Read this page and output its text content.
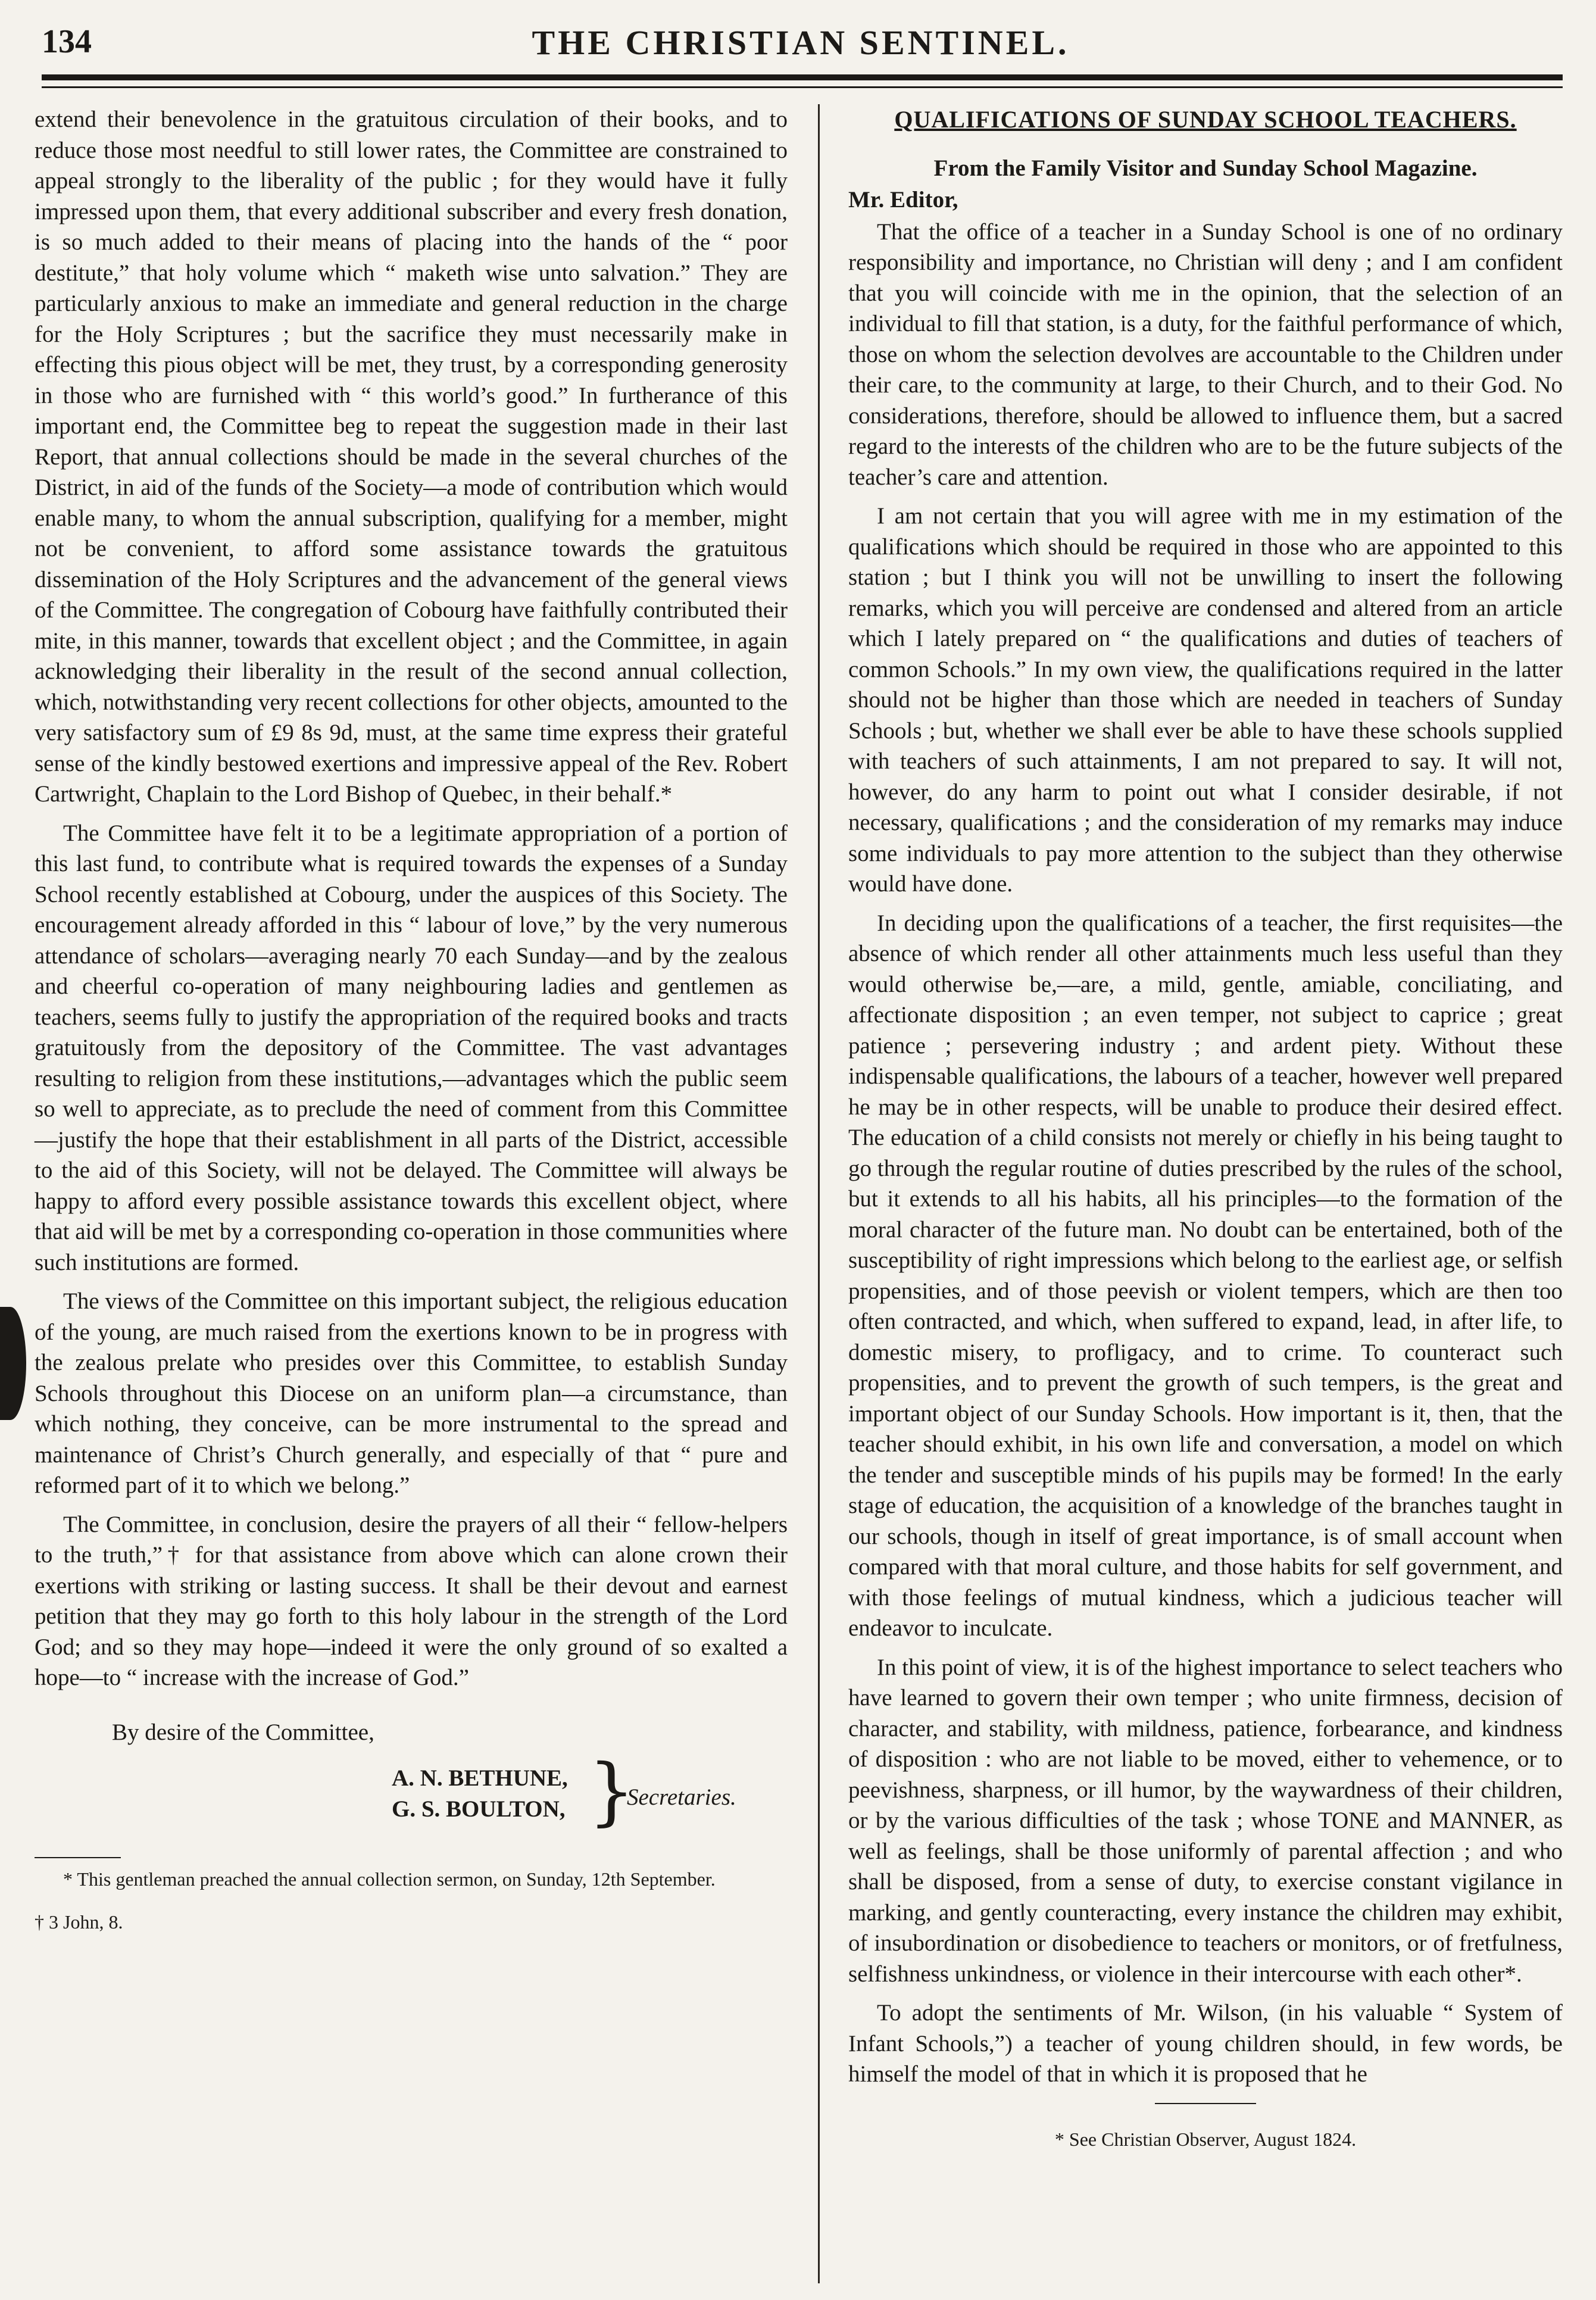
134	THE CHRISTIAN SENTINEL.

extend their benevolence in the gratuitous circulation of their books, and to reduce those most needful to still lower rates, the Committee are constrained to appeal strongly to the liberality of the public ; for they would have it fully impressed upon them, that every additional subscriber and every fresh donation, is so much added to their means of placing into the hands of the “ poor destitute,” that holy volume which “ maketh wise unto salvation.” They are particularly anxious to make an immediate and general reduction in the charge for the Holy Scriptures ; but the sacrifice they must necessarily make in effecting this pious object will be met, they trust, by a corresponding generosity in those who are furnished with “ this world’s good.” In furtherance of this important end, the Committee beg to repeat the suggestion made in their last Report, that annual collections should be made in the several churches of the District, in aid of the funds of the Society—a mode of contribution which would enable many, to whom the annual subscription, qualifying for a member, might not be convenient, to afford some assistance towards the gratuitous dissemination of the Holy Scriptures and the advancement of the general views of the Committee. The congregation of Cobourg have faithfully contributed their mite, in this manner, towards that excellent object ; and the Committee, in again acknowledging their liberality in the result of the second annual collection, which, notwithstanding very recent collections for other objects, amounted to the very satisfactory sum of £9 8s 9d, must, at the same time express their grateful sense of the kindly bestowed exertions and impressive appeal of the Rev. Robert Cartwright, Chaplain to the Lord Bishop of Quebec, in their behalf.*

The Committee have felt it to be a legitimate appropriation of a portion of this last fund, to contribute what is required towards the expenses of a Sunday School recently established at Cobourg, under the auspices of this Society. The encouragement already afforded in this “ labour of love,” by the very numerous attendance of scholars—averaging nearly 70 each Sunday—and by the zealous and cheerful co-operation of many neighbouring ladies and gentlemen as teachers, seems fully to justify the appropriation of the required books and tracts gratuitously from the depository of the Committee. The vast advantages resulting to religion from these institutions,—advantages which the public seem so well to appreciate, as to preclude the need of comment from this Committee—justify the hope that their establishment in all parts of the District, accessible to the aid of this Society, will not be delayed. The Committee will always be happy to afford every possible assistance towards this excellent object, where that aid will be met by a corresponding co-operation in those communities where such institutions are formed.

The views of the Committee on this important subject, the religious education of the young, are much raised from the exertions known to be in progress with the zealous prelate who presides over this Committee, to establish Sunday Schools throughout this Diocese on an uniform plan—a circumstance, than which nothing, they conceive, can be more instrumental to the spread and maintenance of Christ’s Church generally, and especially of that “ pure and reformed part of it to which we belong.”

The Committee, in conclusion, desire the prayers of all their “ fellow-helpers to the truth,”† for that assistance from above which can alone crown their exertions with striking or lasting success. It shall be their devout and earnest petition that they may go forth to this holy labour in the strength of the Lord God; and so they may hope—indeed it were the only ground of so exalted a hope—to “ increase with the increase of God.”

By desire of the Committee,

A. N. BETHUNE,
G. S. BOULTON, }
Secretaries.

* This gentleman preached the annual collection sermon, on Sunday, 12th September.

† 3 John, 8.

QUALIFICATIONS OF SUNDAY SCHOOL TEACHERS.

From the Family Visitor and Sunday School Magazine.

Mr. Editor,

That the office of a teacher in a Sunday School is one of no ordinary responsibility and importance, no Christian will deny ; and I am confident that you will coincide with me in the opinion, that the selection of an individual to fill that station, is a duty, for the faithful performance of which, those on whom the selection devolves are accountable to the Children under their care, to the community at large, to their Church, and to their God. No considerations, therefore, should be allowed to influence them, but a sacred regard to the interests of the children who are to be the future subjects of the teacher’s care and attention.

I am not certain that you will agree with me in my estimation of the qualifications which should be required in those who are appointed to this station ; but I think you will not be unwilling to insert the following remarks, which you will perceive are condensed and altered from an article which I lately prepared on “ the qualifications and duties of teachers of common Schools.” In my own view, the qualifications required in the latter should not be higher than those which are needed in teachers of Sunday Schools ; but, whether we shall ever be able to have these schools supplied with teachers of such attainments, I am not prepared to say. It will not, however, do any harm to point out what I consider desirable, if not necessary, qualifications ; and the consideration of my remarks may induce some individuals to pay more attention to the subject than they otherwise would have done.

In deciding upon the qualifications of a teacher, the first requisites—the absence of which render all other attainments much less useful than they would otherwise be,—are, a mild, gentle, amiable, conciliating, and affectionate disposition ; an even temper, not subject to caprice ; great patience ; persevering industry ; and ardent piety. Without these indispensable qualifications, the labours of a teacher, however well prepared he may be in other respects, will be unable to produce their desired effect. The education of a child consists not merely or chiefly in his being taught to go through the regular routine of duties prescribed by the rules of the school, but it extends to all his habits, all his principles—to the formation of the moral character of the future man. No doubt can be entertained, both of the susceptibility of right impressions which belong to the earliest age, or selfish propensities, and of those peevish or violent tempers, which are then too often contracted, and which, when suffered to expand, lead, in after life, to domestic misery, to profligacy, and to crime. To counteract such propensities, and to prevent the growth of such tempers, is the great and important object of our Sunday Schools. How important is it, then, that the teacher should exhibit, in his own life and conversation, a model on which the tender and susceptible minds of his pupils may be formed! In the early stage of education, the acquisition of a knowledge of the branches taught in our schools, though in itself of great importance, is of small account when compared with that moral culture, and those habits for self government, and with those feelings of mutual kindness, which a judicious teacher will endeavor to inculcate.

In this point of view, it is of the highest importance to select teachers who have learned to govern their own temper ; who unite firmness, decision of character, and stability, with mildness, patience, forbearance, and kindness of disposition : who are not liable to be moved, either to vehemence, or to peevishness, sharpness, or ill humor, by the waywardness of their children, or by the various difficulties of the task ; whose TONE and MANNER, as well as feelings, shall be those uniformly of parental affection ; and who shall be disposed, from a sense of duty, to exercise constant vigilance in marking, and gently counteracting, every instance the children may exhibit, of insubordination or disobedience to teachers or monitors, or of fretfulness, selfishness unkindness, or violence in their intercourse with each other*.

To adopt the sentiments of Mr. Wilson, (in his valuable “ System of Infant Schools,”) a teacher of young children should, in few words, be himself the model of that in which it is proposed that he

* See Christian Observer, August 1824.
